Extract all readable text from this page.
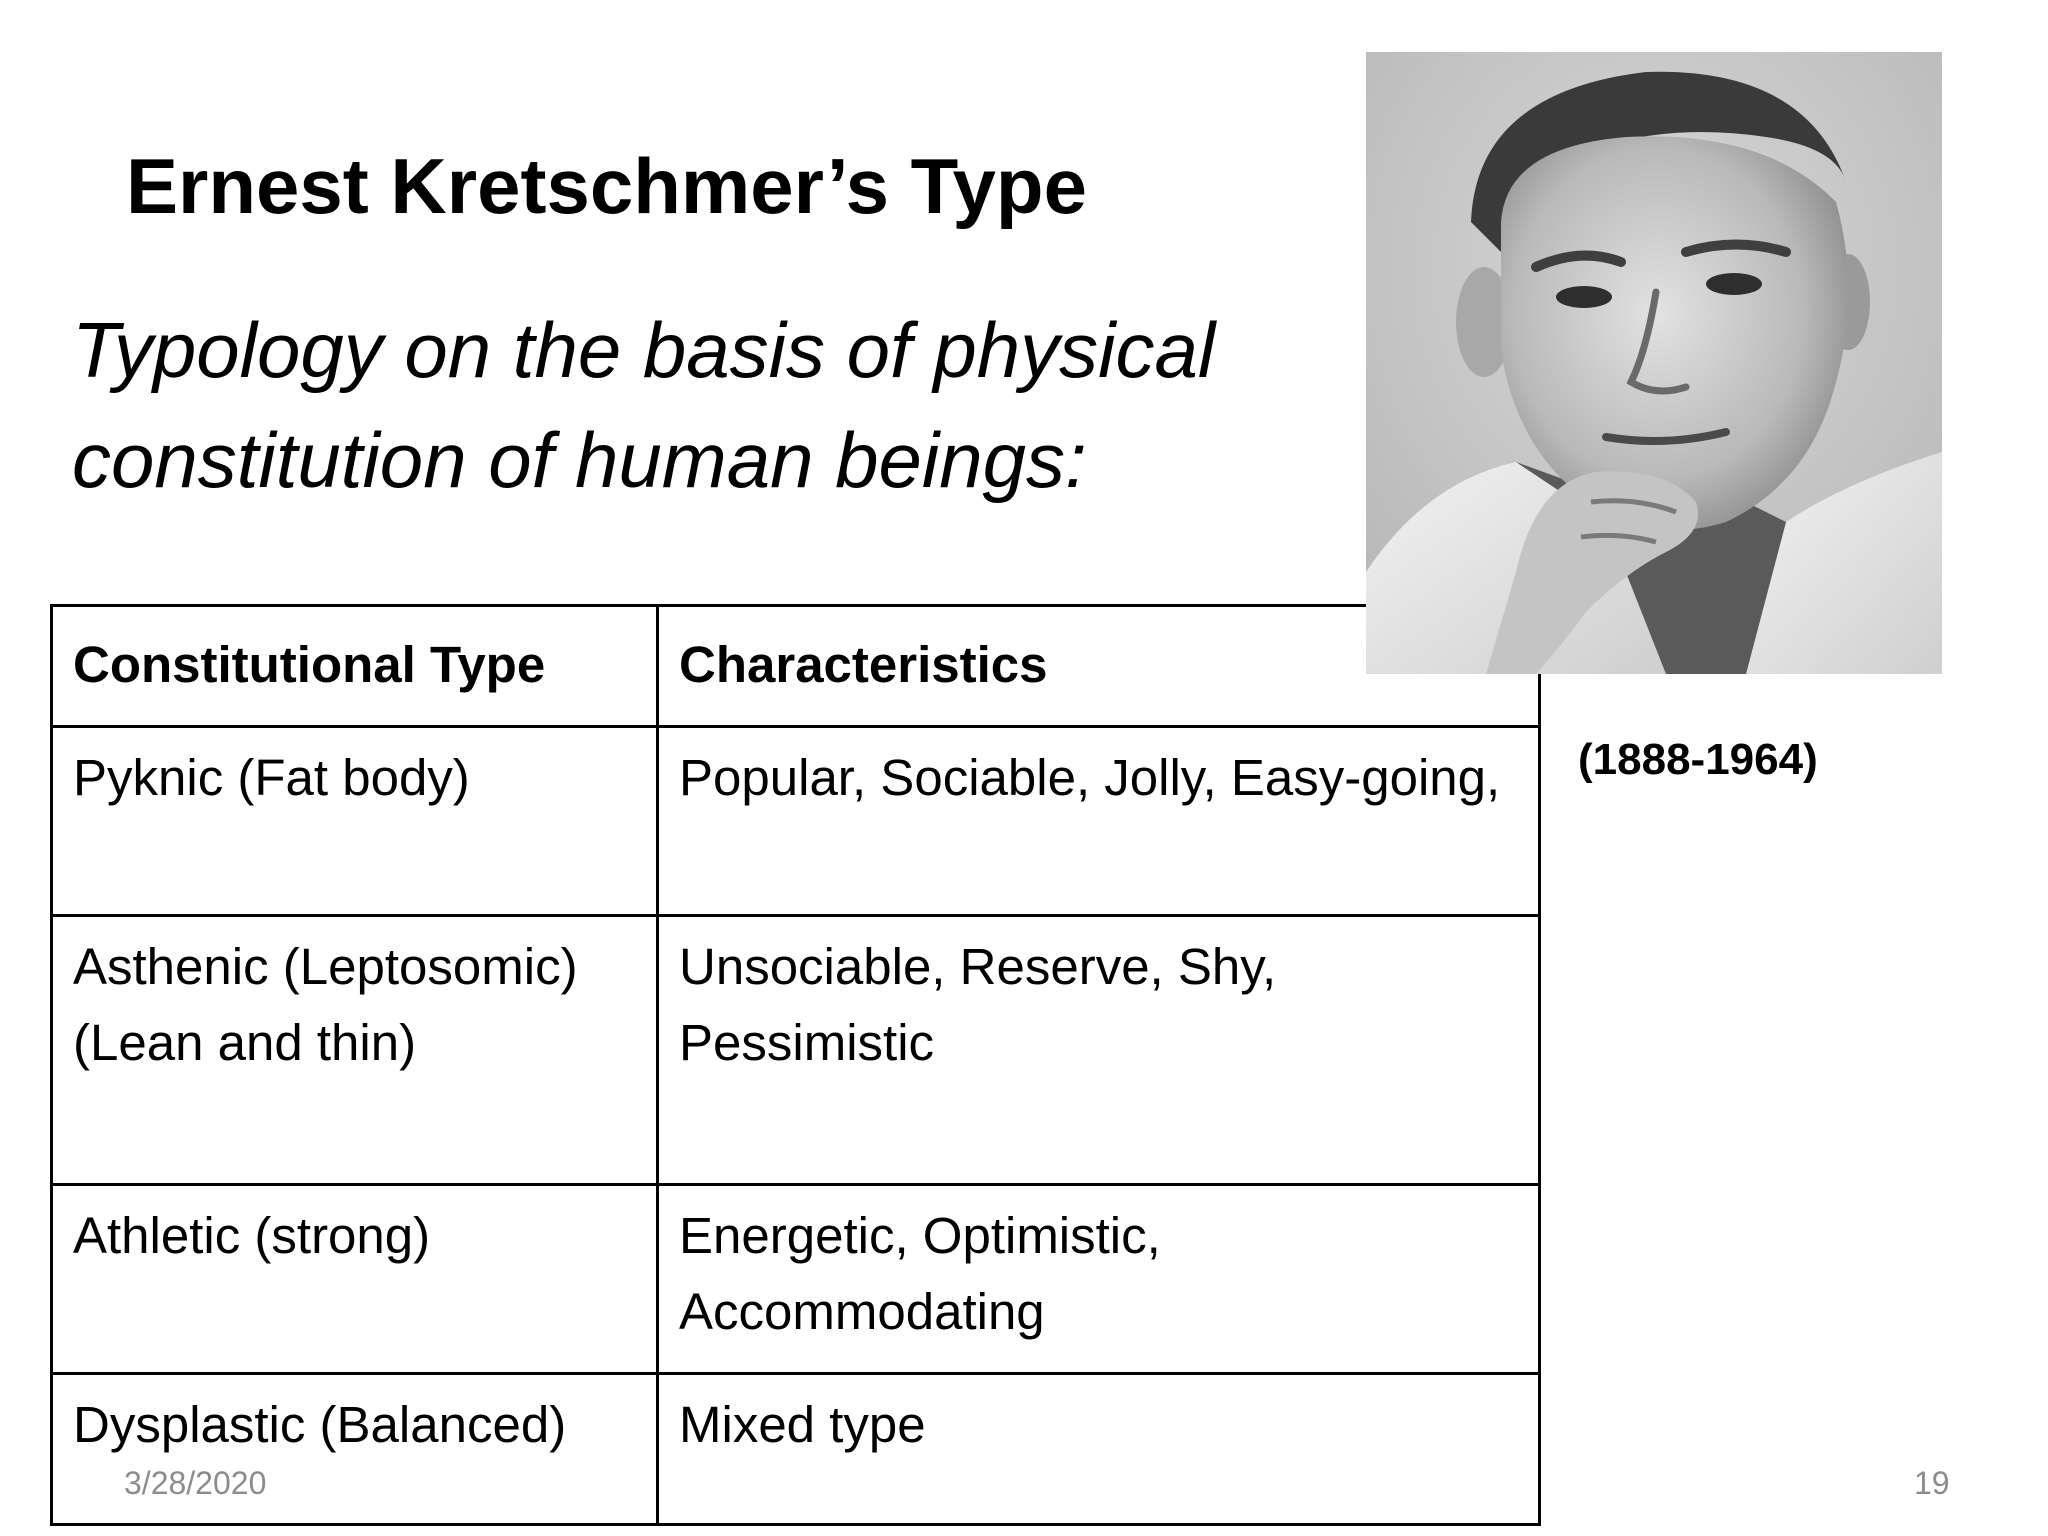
Ernest Kretschmer’s Type
Typology on the basis of physical
constitution of human beings:
Constitutional Type	Characteristics
Pyknic (Fat body)	Popular, Sociable, Jolly, Easy-going,
Asthenic (Leptosomic) (Lean and thin)	Unsociable, Reserve, Shy, Pessimistic
Athletic (strong)	Energetic, Optimistic, Accommodating
Dysplastic (Balanced)	Mixed type
(1888-1964)
3/28/2020	19
